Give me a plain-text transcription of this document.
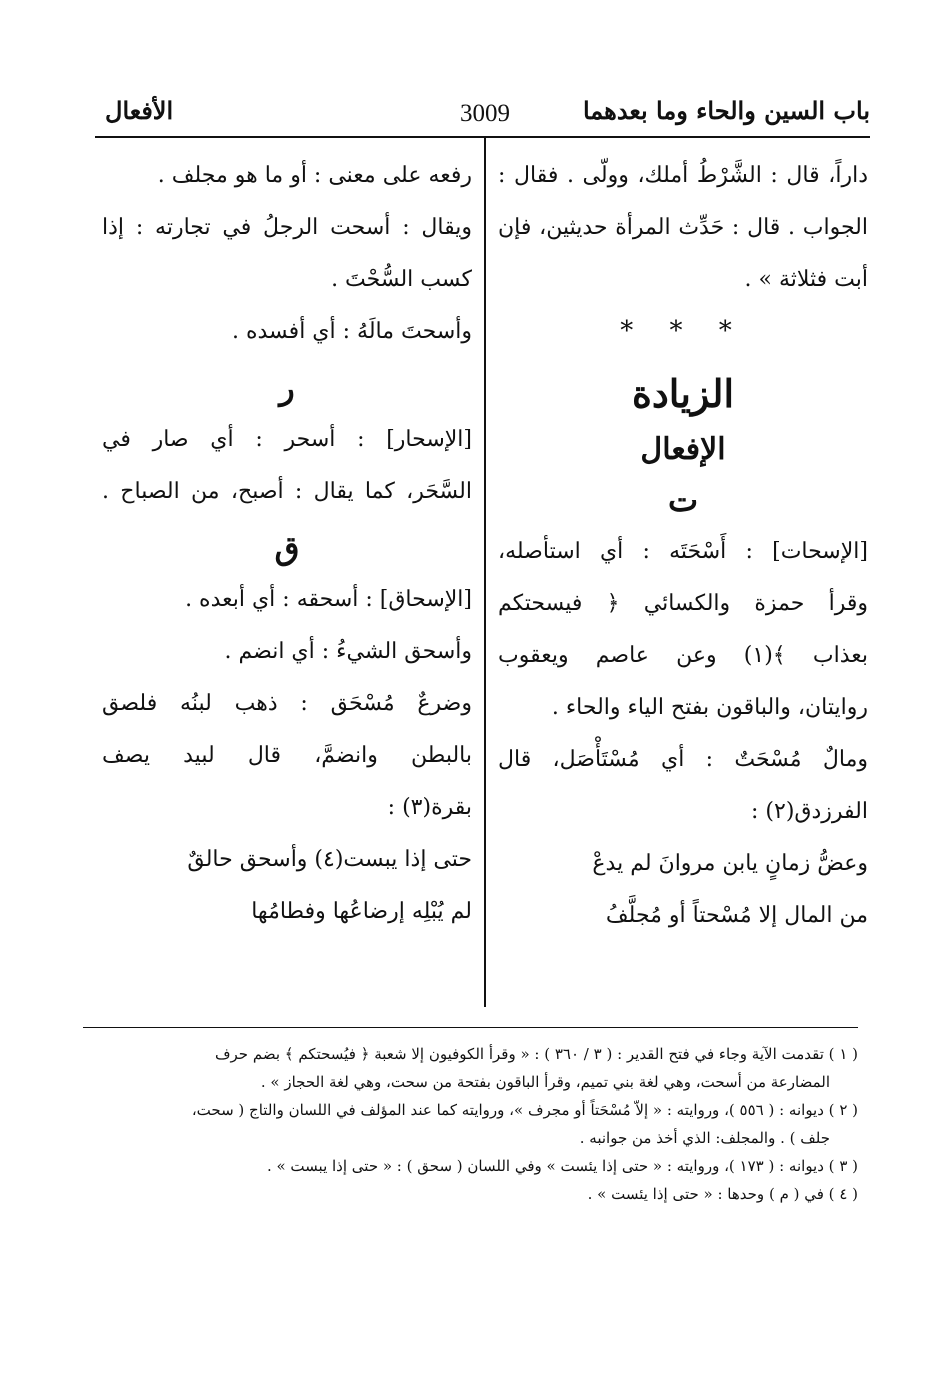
باب السين والحاء وما بعدهما
3009
الأفعال
داراً، قال : الشَّرْطُ أملك، وولّى . فقال :
الجواب . قال : حَدِّث المرأة حديثين، فإن
أبت فثلاثة » .
* * *
الزيادة
الإفعال
ت
[الإسحات] : أَسْحَتَه : أي استأصله،
وقرأ حمزة والكسائي ﴿ فيسحتكم
بعذاب ﴾(١) وعن عاصم ويعقوب
روايتان، والباقون بفتح الياء والحاء .
ومالٌ مُسْحَتٌ : أي مُسْتَأْصَل، قال
الفرزدق(٢) :
وعضُّ زمانٍ يابن مروانَ لم يدعْ
من المال إلا مُسْحتاً أو مُجلَّفُ
رفعه على معنى : أو ما هو مجلف .
ويقال : أسحت الرجلُ في تجارته : إذا
كسب السُّحْتَ .
وأسحتَ مالَهُ : أي أفسده .
ر
[الإسحار] : أسحر : أي صار في
السَّحَر، كما يقال : أصبح، من الصباح .
ق
[الإسحاق] : أسحقه : أي أبعده .
وأسحق الشيءُ : أي انضم .
وضرعٌ مُسْحَق : ذهب لبنُه فلصق
بالبطن وانضمَّ، قال لبيد يصف
بقرة(٣) :
حتى إذا يبست(٤) وأسحق حالقٌ
لم يُبْلِه إرضاعُها وفطامُها
( ١ ) تقدمت الآية وجاء في فتح القدير : ( ٣ / ٣٦٠ ) : « وقرأ الكوفيون إلا شعبة ﴿ فيُسحتكم ﴾ بضم حرف
المضارعة من أسحت، وهي لغة بني تميم، وقرأ الباقون بفتحة من سحت، وهي لغة الحجاز » .
( ٢ ) ديوانه : ( ٥٥٦ )، وروايته : « إلاّ مُسْحَتاً أو مجرف »، وروايته كما عند المؤلف في اللسان والتاج ( سحت،
جلف ) . والمجلف: الذي أخذ من جوانبه .
( ٣ ) ديوانه : ( ١٧٣ )، وروايته : « حتى إذا يئست » وفي اللسان ( سحق ) : « حتى إذا يبست » .
( ٤ ) في ( م ) وحدها : « حتى إذا يئست » .
